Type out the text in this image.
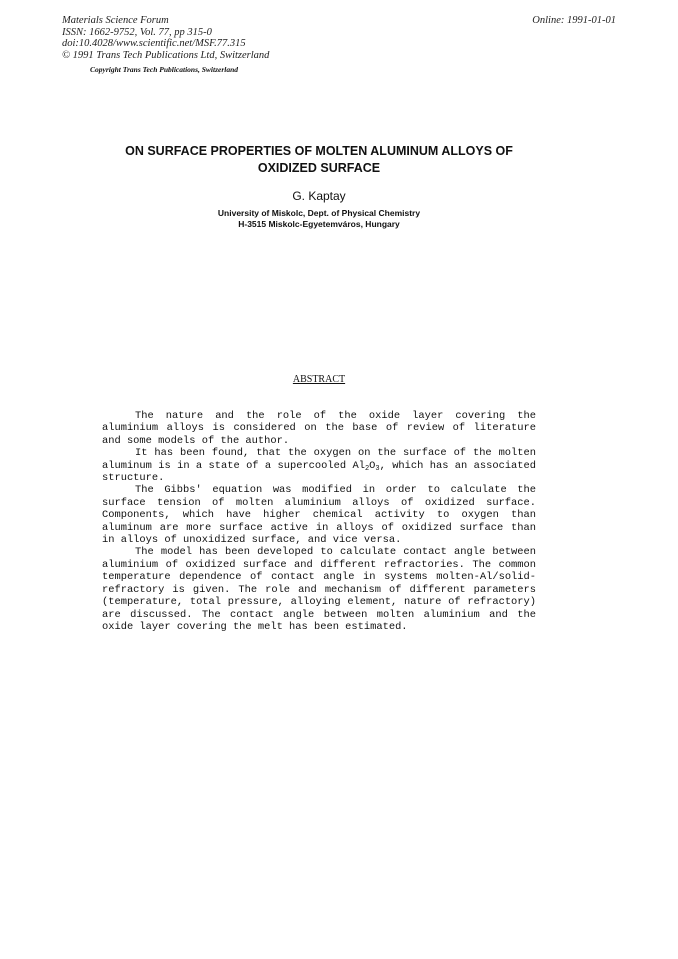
Materials Science Forum
ISSN: 1662-9752, Vol. 77, pp 315-0
doi:10.4028/www.scientific.net/MSF.77.315
© 1991 Trans Tech Publications Ltd, Switzerland
Online: 1991-01-01
Copyright Trans Tech Publications, Switzerland
ON SURFACE PROPERTIES OF MOLTEN ALUMINUM ALLOYS OF
OXIDIZED SURFACE
G. Kaptay
University of Miskolc, Dept. of Physical Chemistry
H-3515 Miskolc-Egyetemváros, Hungary
ABSTRACT

The nature and the role of the oxide layer covering the aluminium alloys is considered on the base of review of literature and some models of the author.

It has been found, that the oxygen on the surface of the molten aluminum is in a state of a supercooled $Al_2O_3$, which has an associated structure.

The Gibbs' equation was modified in order to calculate the surface tension of molten aluminium alloys of oxidized surface. Components, which have higher chemical activity to oxygen than aluminum are more surface active in alloys of oxidized surface than in alloys of unoxidized surface, and vice versa.

The model has been developed to calculate contact angle between aluminium of oxidized surface and different refractories. The common temperature dependence of contact angle in systems molten-Al/solid-refractory is given. The role and mechanism of different parameters (temperature, total pressure, alloying element, nature of refractory) are discussed. The contact angle between molten aluminium and the oxide layer covering the melt has been estimated.
